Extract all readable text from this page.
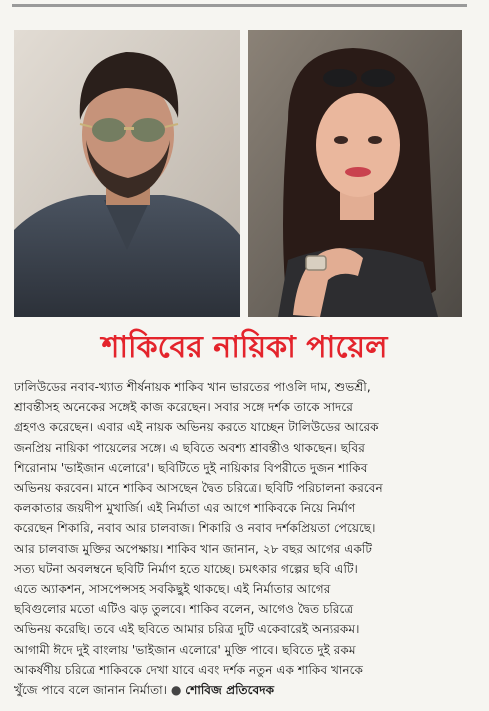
শাকিবের নায়িকা পায়েল
ঢালিউডের নবাব-খ্যাত শীর্ষনায়ক শাকিব খান ভারতের পাওলি দাম, শুভশ্রী,
শ্রাবন্তীসহ অনেকের সঙ্গেই কাজ করেছেন। সবার সঙ্গে দর্শক তাকে সাদরে
গ্রহণও করেছেন। এবার এই নায়ক অভিনয় করতে যাচ্ছেন টালিউডের আরেক
জনপ্রিয় নায়িকা পায়েলের সঙ্গে। এ ছবিতে অবশ্য শ্রাবন্তীও থাকছেন। ছবির
শিরোনাম 'ভাইজান এলোরে'। ছবিটিতে দুই নায়িকার বিপরীতে দুজন শাকিব
অভিনয় করবেন। মানে শাকিব আসছেন দ্বৈত চরিত্রে। ছবিটি পরিচালনা করবেন
কলকাতার জয়দীপ মুখার্জি। এই নির্মাতা এর আগে শাকিবকে নিয়ে নির্মাণ
করেছেন শিকারি, নবাব আর চালবাজ। শিকারি ও নবাব দর্শকপ্রিয়তা পেয়েছে।
আর চালবাজ মুক্তির অপেক্ষায়। শাকিব খান জানান, ২৮ বছর আগের একটি
সত্য ঘটনা অবলম্বনে ছবিটি নির্মাণ হতে যাচ্ছে। চমৎকার গল্পের ছবি এটি।
এতে অ্যাকশন, সাসপেন্সসহ সবকিছুই থাকছে। এই নির্মাতার আগের
ছবিগুলোর মতো এটিও ঝড় তুলবে। শাকিব বলেন, আগেও দ্বৈত চরিত্রে
অভিনয় করেছি। তবে এই ছবিতে আমার চরিত্র দুটি একেবারেই অন্যরকম।
আগামী ঈদে দুই বাংলায় 'ভাইজান এলোরে' মুক্তি পাবে। ছবিতে দুই রকম
আকর্ষণীয় চরিত্রে শাকিবকে দেখা যাবে এবং দর্শক নতুন এক শাকিব খানকে
খুঁজে পাবে বলে জানান নির্মাতা। ● শোবিজ প্রতিবেদক
